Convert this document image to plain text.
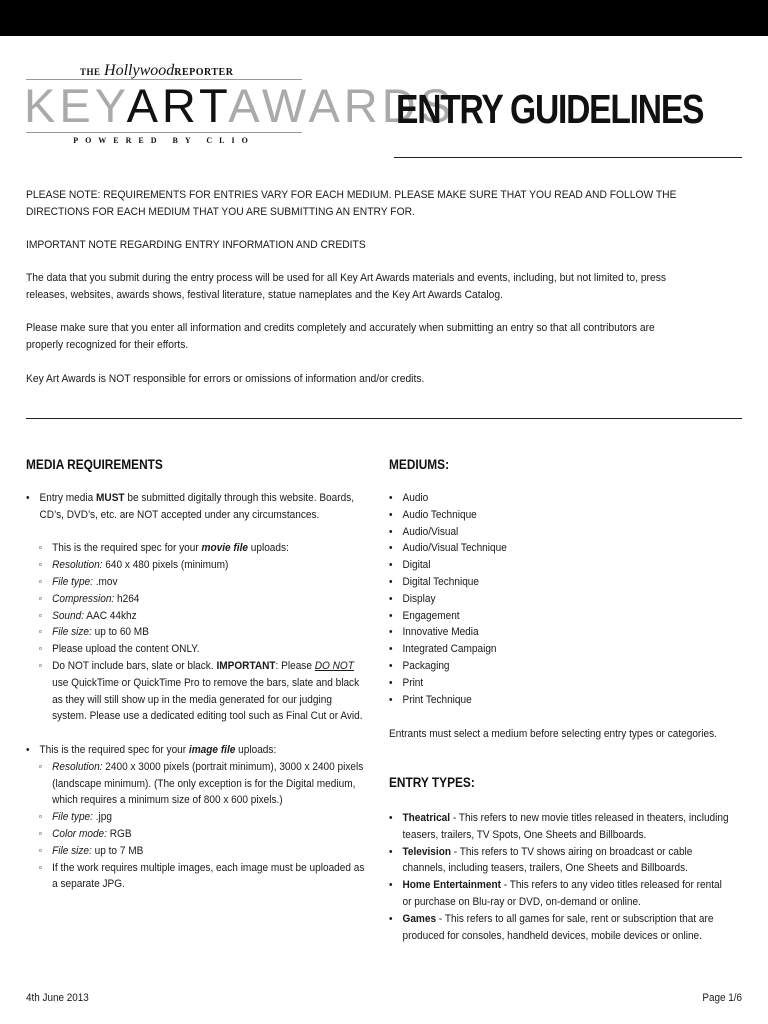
THE HollywoodREPORTER
KEYARTAWARDS
POWERED BY CLIO
ENTRY GUIDELINES
PLEASE NOTE: REQUIREMENTS FOR ENTRIES VARY FOR EACH MEDIUM. PLEASE MAKE SURE THAT YOU READ AND FOLLOW THE DIRECTIONS FOR EACH MEDIUM THAT YOU ARE SUBMITTING AN ENTRY FOR.
IMPORTANT NOTE REGARDING ENTRY INFORMATION AND CREDITS
The data that you submit during the entry process will be used for all Key Art Awards materials and events, including, but not limited to, press releases, websites, awards shows, festival literature, statue nameplates and the Key Art Awards Catalog.
Please make sure that you enter all information and credits completely and accurately when submitting an entry so that all contributors are properly recognized for their efforts.
Key Art Awards is NOT responsible for errors or omissions of information and/or credits.
MEDIA REQUIREMENTS
• Entry media MUST be submitted digitally through this website. Boards, CD’s, DVD’s, etc. are NOT accepted under any circumstances.
◦ This is the required spec for your movie file uploads:
◦ Resolution: 640 x 480 pixels (minimum)
◦ File type: .mov
◦ Compression: h264
◦ Sound: AAC 44khz
◦ File size: up to 60 MB
◦ Please upload the content ONLY.
◦ Do NOT include bars, slate or black. IMPORTANT: Please DO NOT use QuickTime or QuickTime Pro to remove the bars, slate and black as they will still show up in the media generated for our judging system. Please use a dedicated editing tool such as Final Cut or Avid.
• This is the required spec for your image file uploads:
◦ Resolution: 2400 x 3000 pixels (portrait minimum), 3000 x 2400 pixels (landscape minimum). (The only exception is for the Digital medium, which requires a minimum size of 800 x 600 pixels.)
◦ File type: .jpg
◦ Color mode: RGB
◦ File size: up to 7 MB
◦ If the work requires multiple images, each image must be uploaded as a separate JPG.
MEDIUMS:
• Audio
• Audio Technique
• Audio/Visual
• Audio/Visual Technique
• Digital
• Digital Technique
• Display
• Engagement
• Innovative Media
• Integrated Campaign
• Packaging
• Print
• Print Technique
Entrants must select a medium before selecting entry types or categories.
ENTRY TYPES:
• Theatrical - This refers to new movie titles released in theaters, including teasers, trailers, TV Spots, One Sheets and Billboards.
• Television - This refers to TV shows airing on broadcast or cable channels, including teasers, trailers, One Sheets and Billboards.
• Home Entertainment - This refers to any video titles released for rental or purchase on Blu-ray or DVD, on-demand or online.
• Games - This refers to all games for sale, rent or subscription that are produced for consoles, handheld devices, mobile devices or online.
4th June 2013	Page 1/6
